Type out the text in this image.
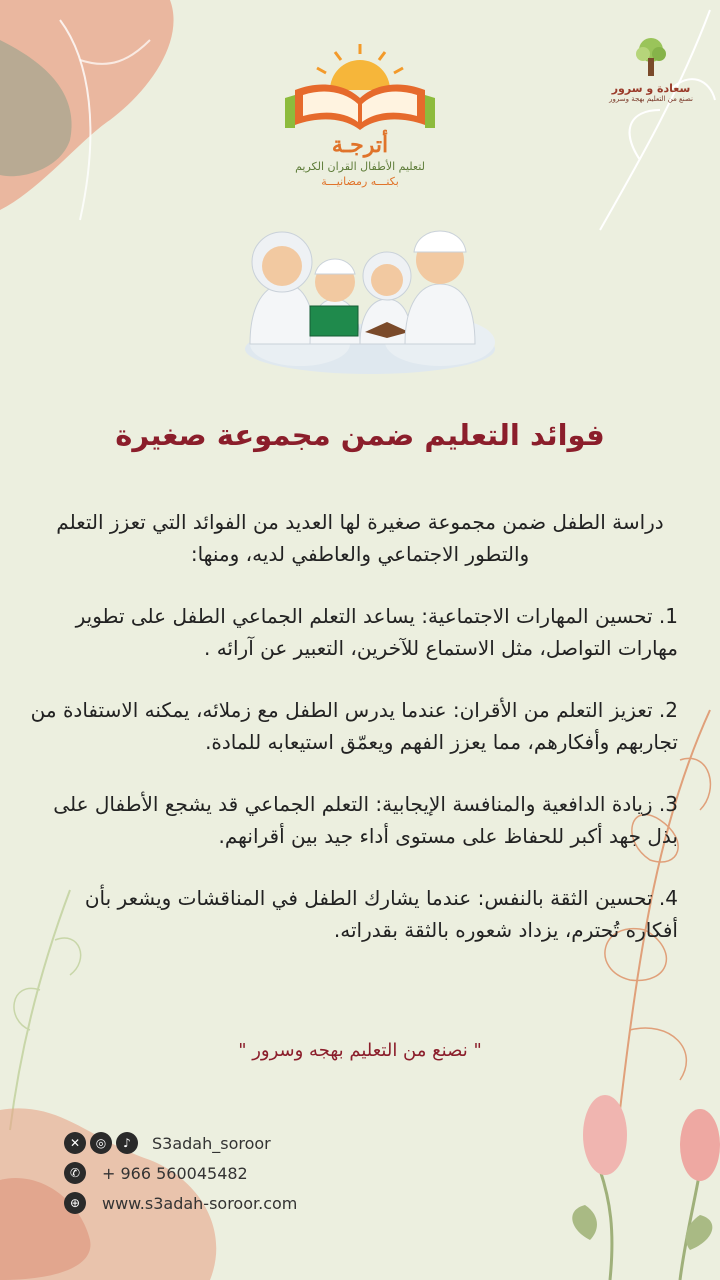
أترجـة
لتعليم الأطفال القران الكريم
بكنـــه رمضانيـــة
سعادة و سرور
نصنع من التعليم بهجة وسرور
فوائد التعليم ضمن مجموعة صغيرة

دراسة الطفل ضمن مجموعة صغيرة لها العديد من الفوائد التي تعزز التعلم والتطور الاجتماعي والعاطفي لديه، ومنها:

1. تحسين المهارات الاجتماعية: يساعد التعلم الجماعي الطفل على تطوير مهارات التواصل، مثل الاستماع للآخرين، التعبير عن آرائه .

2. تعزيز التعلم من الأقران: عندما يدرس الطفل مع زملائه، يمكنه الاستفادة من تجاربهم وأفكارهم، مما يعزز الفهم ويعمّق استيعابه للمادة.

3. زيادة الدافعية والمنافسة الإيجابية: التعلم الجماعي قد يشجع الأطفال على بذل جهد أكبر للحفاظ على مستوى أداء جيد بين أقرانهم.

4. تحسين الثقة بالنفس: عندما يشارك الطفل في المناقشات ويشعر بأن أفكاره تُحترم، يزداد شعوره بالثقة بقدراته.

" نصنع من التعليم بهجه وسرور "
✕	◎	♪	S3adah_soroor
✆	+ 966 560045482
⊕	www.s3adah-soroor.com
